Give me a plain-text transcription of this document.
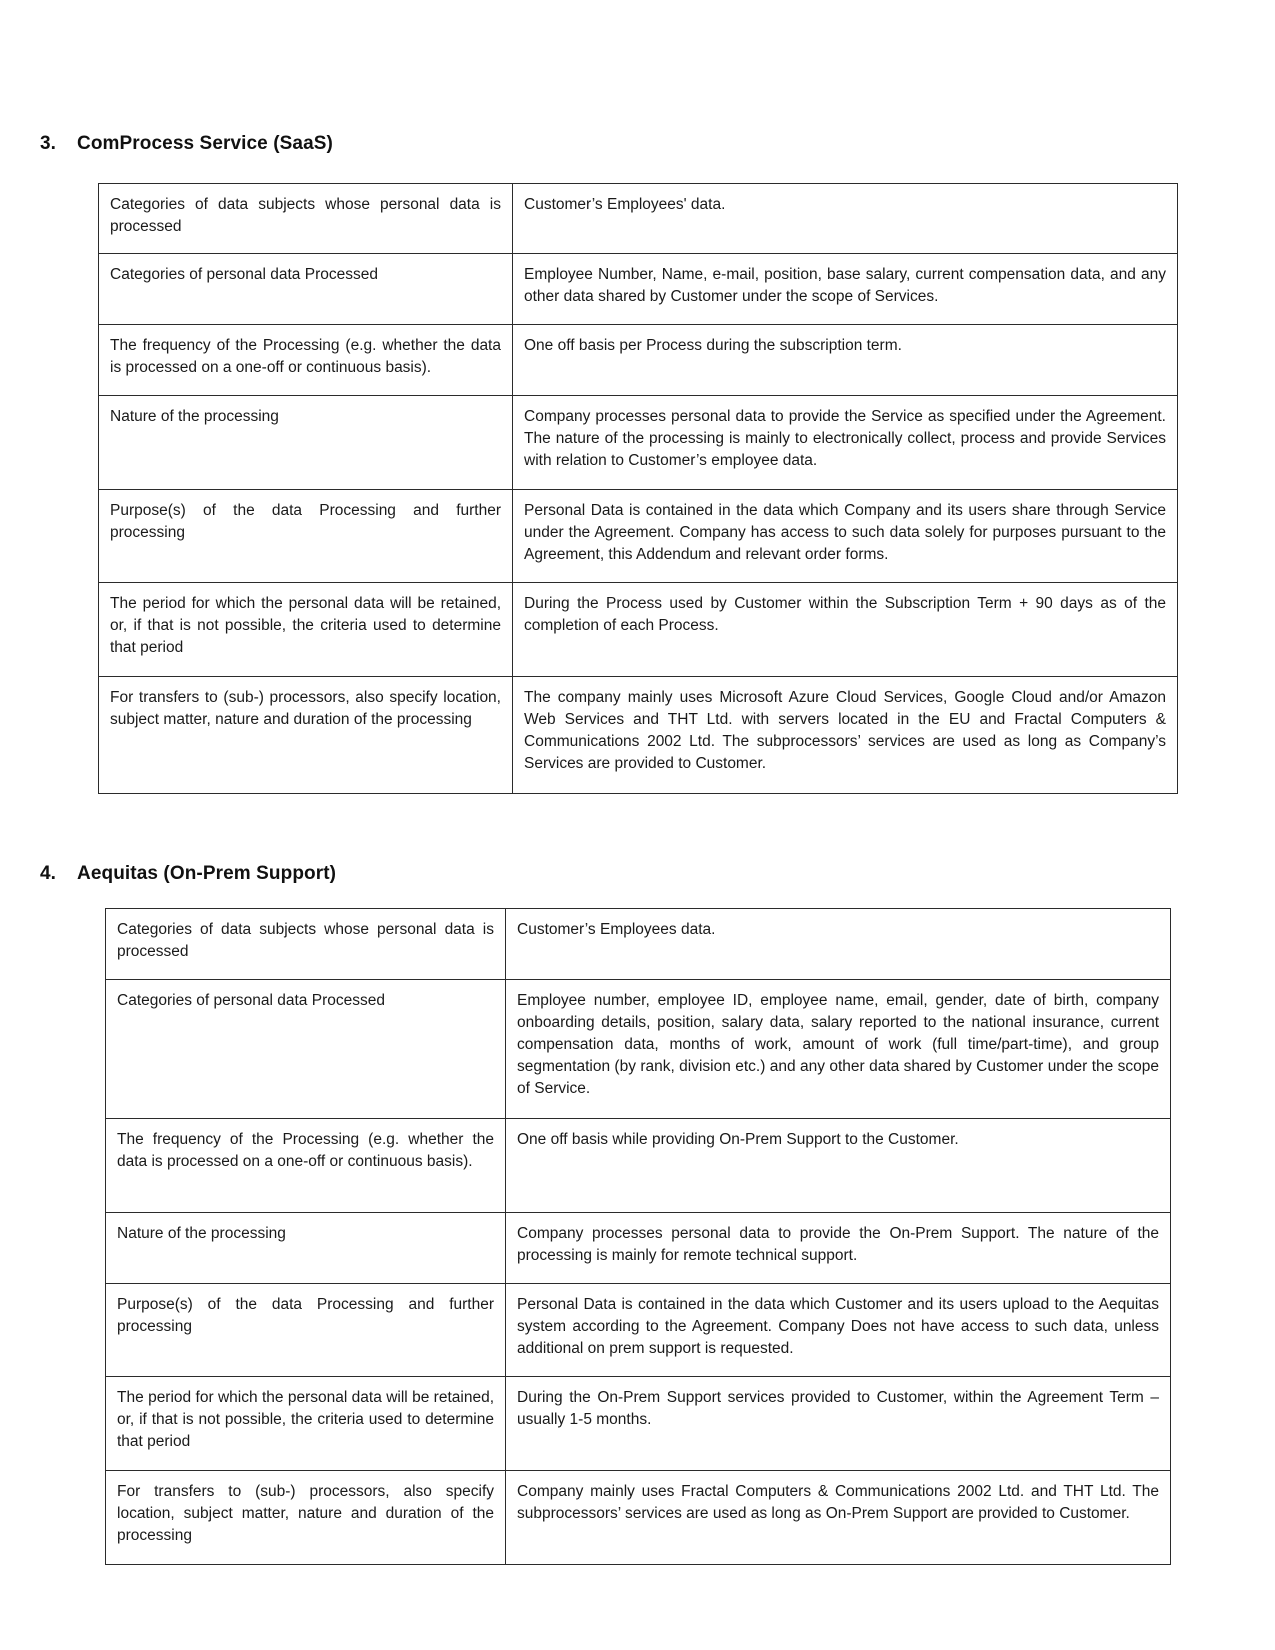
3. ComProcess Service (SaaS)
Categories of data subjects whose personal data is processed	Customer’s Employees' data.
Categories of personal data Processed	Employee Number, Name, e-mail, position, base salary, current compensation data, and any other data shared by Customer under the scope of Services.
The frequency of the Processing (e.g. whether the data is processed on a one-off or continuous basis).	One off basis per Process during the subscription term.
Nature of the processing	Company processes personal data to provide the Service as specified under the Agreement. The nature of the processing is mainly to electronically collect, process and provide Services with relation to Customer’s employee data.
Purpose(s) of the data Processing and further processing	Personal Data is contained in the data which Company and its users share through Service under the Agreement. Company has access to such data solely for purposes pursuant to the Agreement, this Addendum and relevant order forms.
The period for which the personal data will be retained, or, if that is not possible, the criteria used to determine that period	During the Process used by Customer within the Subscription Term + 90 days as of the completion of each Process.
For transfers to (sub-) processors, also specify location, subject matter, nature and duration of the processing	The company mainly uses Microsoft Azure Cloud Services, Google Cloud and/or Amazon Web Services and THT Ltd. with servers located in the EU and Fractal Computers & Communications 2002 Ltd. The subprocessors’ services are used as long as Company’s Services are provided to Customer.
4. Aequitas (On-Prem Support)
Categories of data subjects whose personal data is processed	Customer’s Employees data.
Categories of personal data Processed	Employee number, employee ID, employee name, email, gender, date of birth, company onboarding details, position, salary data, salary reported to the national insurance, current compensation data, months of work, amount of work (full time/part-time), and group segmentation (by rank, division etc.) and any other data shared by Customer under the scope of Service.
The frequency of the Processing (e.g. whether the data is processed on a one-off or continuous basis).	One off basis while providing On-Prem Support to the Customer.
Nature of the processing	Company processes personal data to provide the On-Prem Support. The nature of the processing is mainly for remote technical support.
Purpose(s) of the data Processing and further processing	Personal Data is contained in the data which Customer and its users upload to the Aequitas system according to the Agreement. Company Does not have access to such data, unless additional on prem support is requested.
The period for which the personal data will be retained, or, if that is not possible, the criteria used to determine that period	During the On-Prem Support services provided to Customer, within the Agreement Term – usually 1-5 months.
For transfers to (sub-) processors, also specify location, subject matter, nature and duration of the processing	Company mainly uses Fractal Computers & Communications 2002 Ltd. and THT Ltd. The subprocessors’ services are used as long as On-Prem Support are provided to Customer.
